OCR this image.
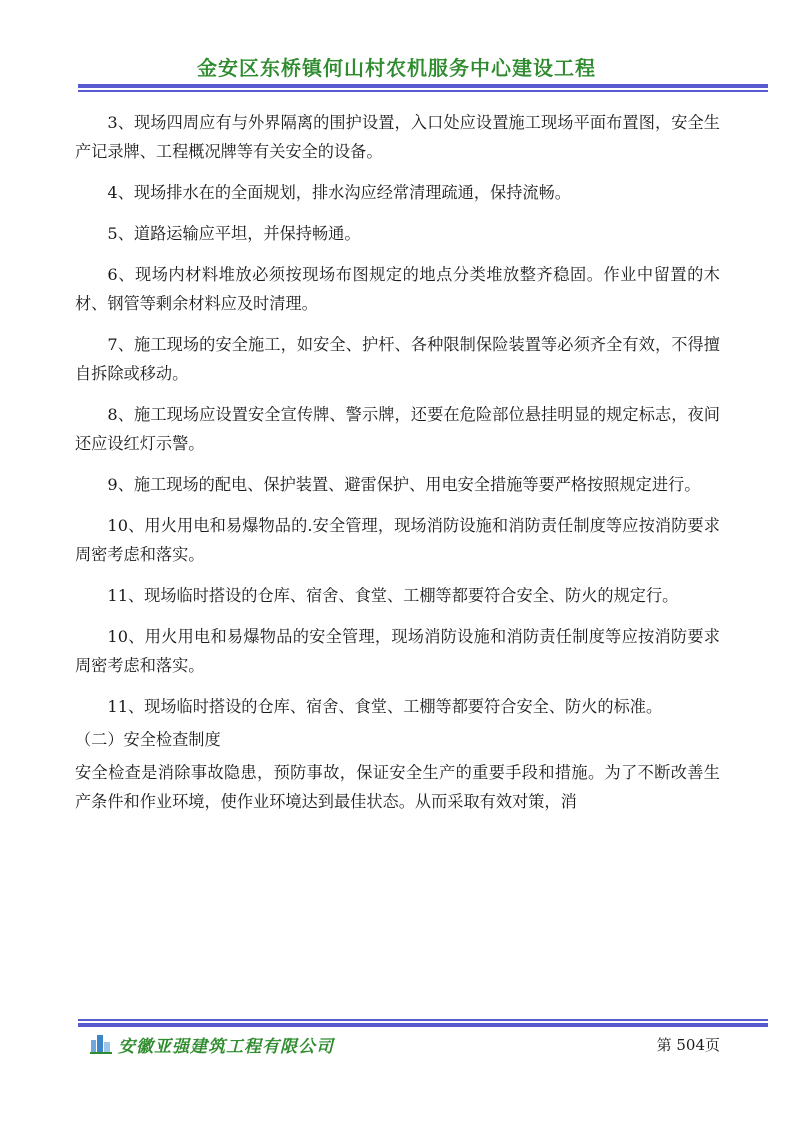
金安区东桥镇何山村农机服务中心建设工程

3、现场四周应有与外界隔离的围护设置，入口处应设置施工现场平面布置图，安全生产记录牌、工程概况牌等有关安全的设备。

4、现场排水在的全面规划，排水沟应经常清理疏通，保持流畅。

5、道路运输应平坦，并保持畅通。

6、现场内材料堆放必须按现场布图规定的地点分类堆放整齐稳固。作业中留置的木材、钢管等剩余材料应及时清理。

7、施工现场的安全施工，如安全、护杆、各种限制保险装置等必须齐全有效，不得擅自拆除或移动。

8、施工现场应设置安全宣传牌、警示牌，还要在危险部位悬挂明显的规定标志，夜间还应设红灯示警。

9、施工现场的配电、保护装置、避雷保护、用电安全措施等要严格按照规定进行。

10、用火用电和易爆物品的.安全管理，现场消防设施和消防责任制度等应按消防要求周密考虑和落实。

11、现场临时搭设的仓库、宿舍、食堂、工棚等都要符合安全、防火的规定行。

10、用火用电和易爆物品的安全管理，现场消防设施和消防责任制度等应按消防要求周密考虑和落实。

11、现场临时搭设的仓库、宿舍、食堂、工棚等都要符合安全、防火的标准。

（二）安全检查制度

安全检查是消除事故隐患，预防事故，保证安全生产的重要手段和措施。为了不断改善生产条件和作业环境，使作业环境达到最佳状态。从而采取有效对策，消

安徽亚强建筑工程有限公司	第 504页
